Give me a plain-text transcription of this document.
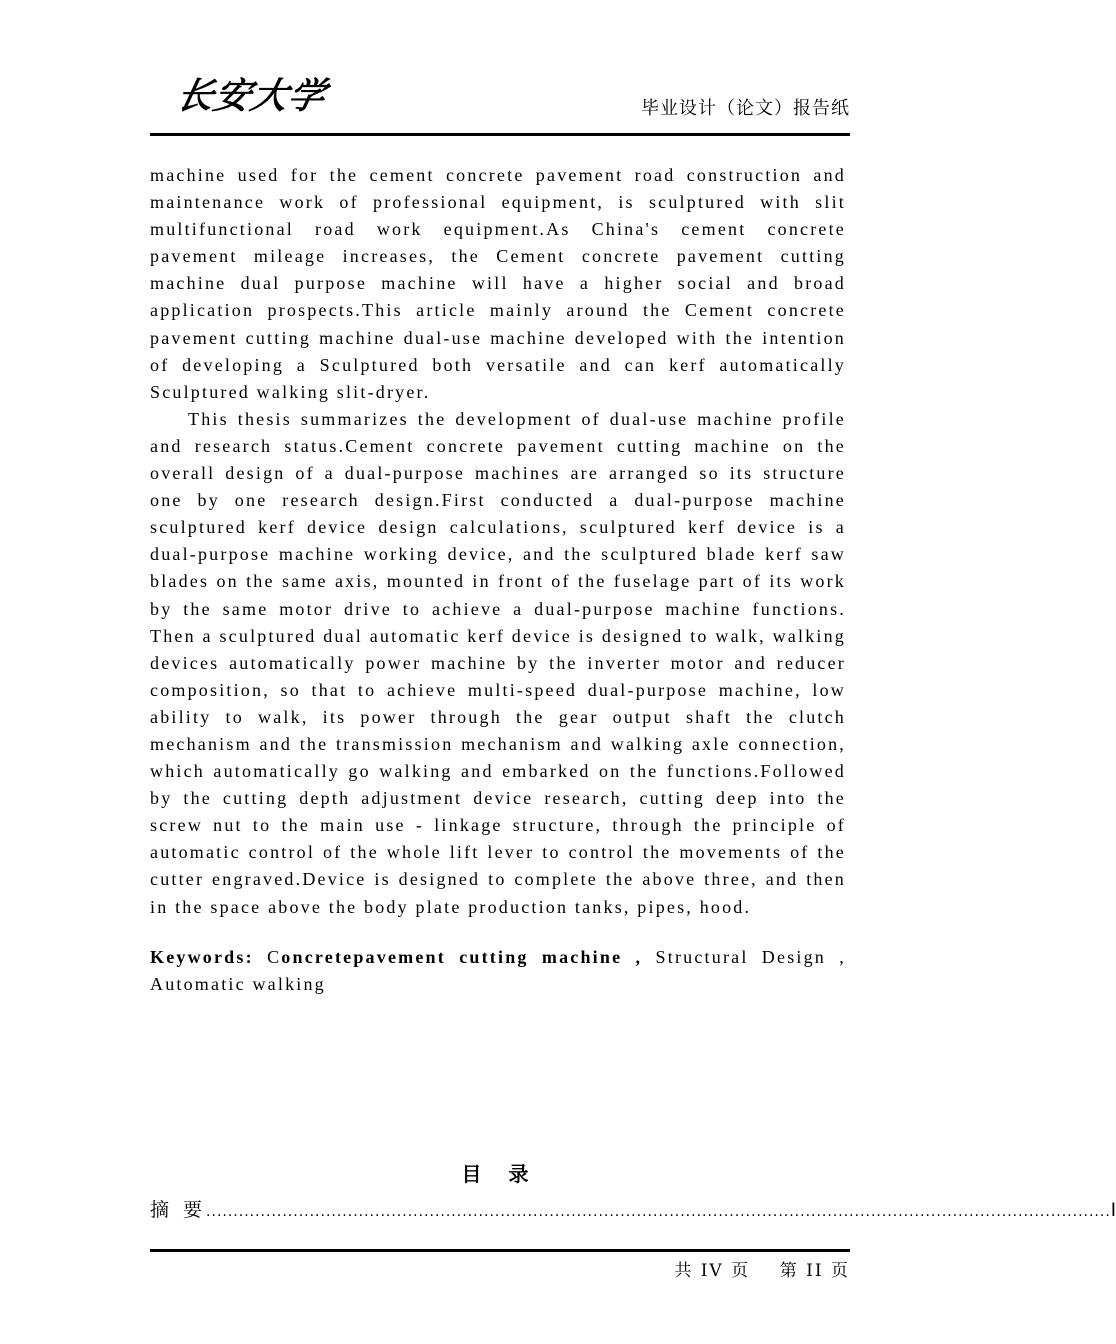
长安大学	毕业设计（论文）报告纸

machine used for the cement concrete pavement road construction and maintenance work of professional equipment, is sculptured with slit multifunctional road work equipment.As China's cement concrete pavement mileage increases, the Cement concrete pavement cutting machine dual purpose machine will have a higher social and broad application prospects.This article mainly around the Cement concrete pavement cutting machine dual-use machine developed with the intention of developing a Sculptured both versatile and can kerf automatically Sculptured walking slit-dryer.

This thesis summarizes the development of dual-use machine profile and research status.Cement concrete pavement cutting machine on the overall design of a dual-purpose machines are arranged so its structure one by one research design.First conducted a dual-purpose machine sculptured kerf device design calculations, sculptured kerf device is a dual-purpose machine working device, and the sculptured blade kerf saw blades on the same axis, mounted in front of the fuselage part of its work by the same motor drive to achieve a dual-purpose machine functions. Then a sculptured dual automatic kerf device is designed to walk, walking devices automatically power machine by the inverter motor and reducer composition, so that to achieve multi-speed dual-purpose machine, low ability to walk, its power through the gear output shaft the clutch mechanism and the transmission mechanism and walking axle connection, which automatically go walking and embarked on the functions.Followed by the cutting depth adjustment device research, cutting deep into the screw nut to the main use - linkage structure, through the principle of automatic control of the whole lift lever to control the movements of the cutter engraved.Device is designed to complete the above three, and then in the space above the body plate production tanks, pipes, hood.

Keywords: Concretepavement cutting machine , Structural Design , Automatic walking

目 录
摘 要 ...................................................................................................................................................................... I
共 IV 页 第 II 页
